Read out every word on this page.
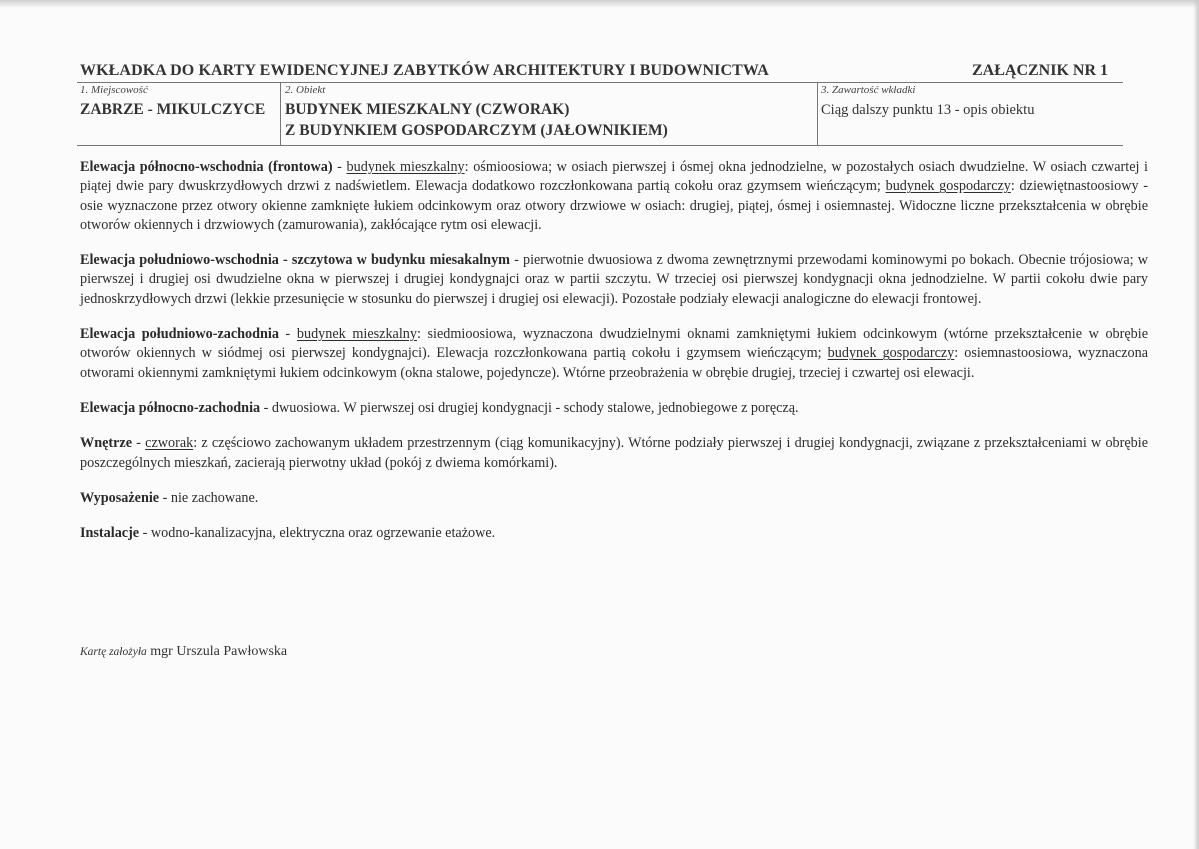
WKŁADKA DO KARTY EWIDENCYJNEJ ZABYTKÓW ARCHITEKTURY I BUDOWNICTWA	ZAŁĄCZNIK NR 1
1. Miejscowość
ZABRZE - MIKULCZYCE
2. Obiekt
BUDYNEK MIESZKALNY (CZWORAK)
Z BUDYNKIEM GOSPODARCZYM (JAŁOWNIKIEM)
3. Zawartość wkładki
Ciąg dalszy punktu 13 - opis obiektu

Elewacja północno-wschodnia (frontowa) - budynek mieszkalny: ośmioosiowa; w osiach pierwszej i ósmej okna jednodzielne, w pozostałych osiach dwudzielne. W osiach czwartej i piątej dwie pary dwuskrzydłowych drzwi z nadświetlem. Elewacja dodatkowo rozczłonkowana partią cokołu oraz gzymsem wieńczącym; budynek gospodarczy: dziewiętnastoosiowy - osie wyznaczone przez otwory okienne zamknięte łukiem odcinkowym oraz otwory drzwiowe w osiach: drugiej, piątej, ósmej i osiemnastej. Widoczne liczne przekształcenia w obrębie otworów okiennych i drzwiowych (zamurowania), zakłócające rytm osi elewacji.

Elewacja południowo-wschodnia - szczytowa w budynku miesakalnym - pierwotnie dwuosiowa z dwoma zewnętrznymi przewodami kominowymi po bokach. Obecnie trójosiowa; w pierwszej i drugiej osi dwudzielne okna w pierwszej i drugiej kondygnajci oraz w partii szczytu. W trzeciej osi pierwszej kondygnacji okna jednodzielne. W partii cokołu dwie pary jednoskrzydłowych drzwi (lekkie przesunięcie w stosunku do pierwszej i drugiej osi elewacji). Pozostałe podziały elewacji analogiczne do elewacji frontowej.

Elewacja południowo-zachodnia - budynek mieszkalny: siedmioosiowa, wyznaczona dwudzielnymi oknami zamkniętymi łukiem odcinkowym (wtórne przekształcenie w obrębie otworów okiennych w siódmej osi pierwszej kondygnajci). Elewacja rozczłonkowana partią cokołu i gzymsem wieńczącym; budynek gospodarczy: osiemnastoosiowa, wyznaczona otworami okiennymi zamkniętymi łukiem odcinkowym (okna stalowe, pojedyncze). Wtórne przeobrażenia w obrębie drugiej, trzeciej i czwartej osi elewacji.

Elewacja północno-zachodnia - dwuosiowa. W pierwszej osi drugiej kondygnacji - schody stalowe, jednobiegowe z poręczą.

Wnętrze - czworak: z częściowo zachowanym układem przestrzennym (ciąg komunikacyjny). Wtórne podziały pierwszej i drugiej kondygnacji, związane z przekształceniami w obrębie poszczególnych mieszkań, zacierają pierwotny układ (pokój z dwiema komórkami).

Wyposażenie - nie zachowane.

Instalacje - wodno-kanalizacyjna, elektryczna oraz ogrzewanie etażowe.

Kartę założyła mgr Urszula Pawłowska
